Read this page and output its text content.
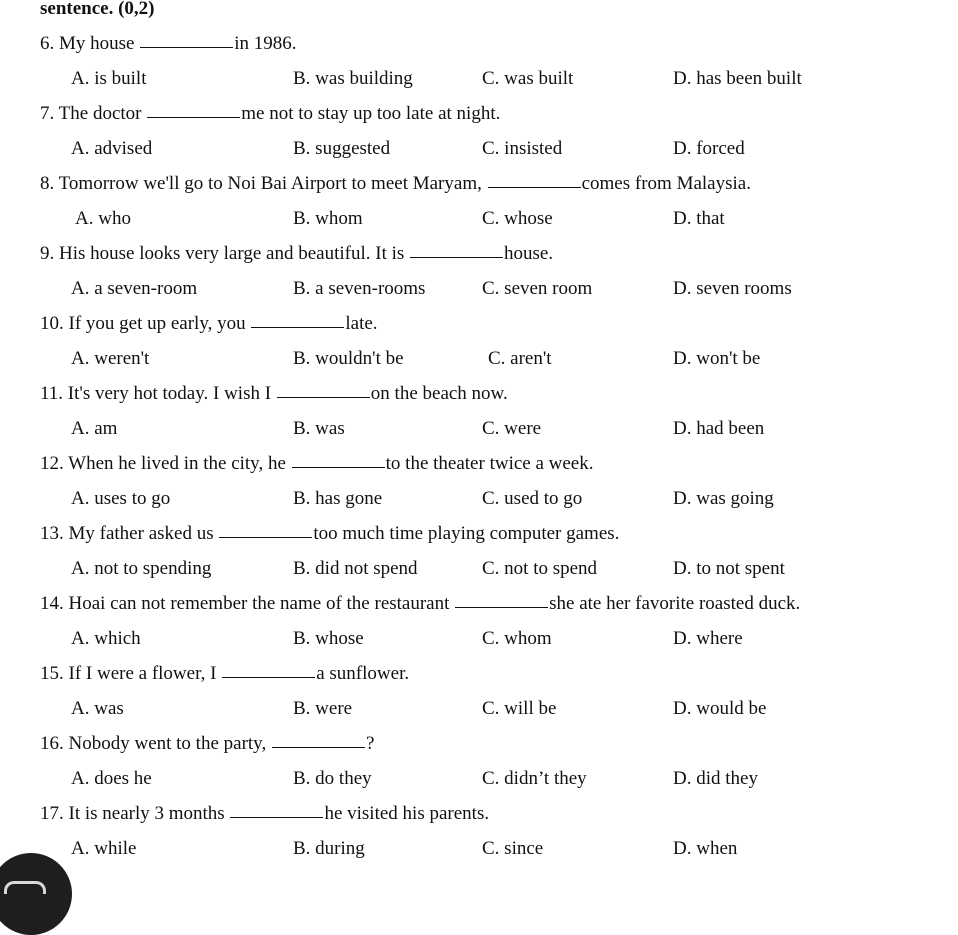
sentence. (0,2)
6. My house	in 1986.
A. is built	B. was building	C. was built	D. has been built
7. The doctor	me not to stay up too late at night.
A. advised	B. suggested	C. insisted	D. forced
8. Tomorrow we'll go to Noi Bai Airport to meet Maryam,	comes from Malaysia.
A. who	B. whom	C. whose	D. that
9. His house looks very large and beautiful. It is	house.
A. a seven-room	B. a seven-rooms	C. seven room	D. seven rooms
10. If you get up early, you	late.
A. weren't	B. wouldn't be	C. aren't	D. won't be
11. It's very hot today. I wish I	on the beach now.
A. am	B. was	C. were	D. had been
12. When he lived in the city, he	to the theater twice a week.
A. uses to go	B. has gone	C. used to go	D. was going
13. My father asked us	too much time playing computer games.
A. not to spending	B. did not spend	C. not to spend	D. to not spent
14. Hoai can not remember the name of the restaurant	she ate her favorite roasted duck.
A. which	B. whose	C. whom	D. where
15. If I were a flower, I	a sunflower.
A. was	B. were	C. will be	D. would be
16. Nobody went to the party,	?
A. does he	B. do they	C. didn’t they	D. did they
17. It is nearly 3 months	he visited his parents.
A. while	B. during	C. since	D. when
